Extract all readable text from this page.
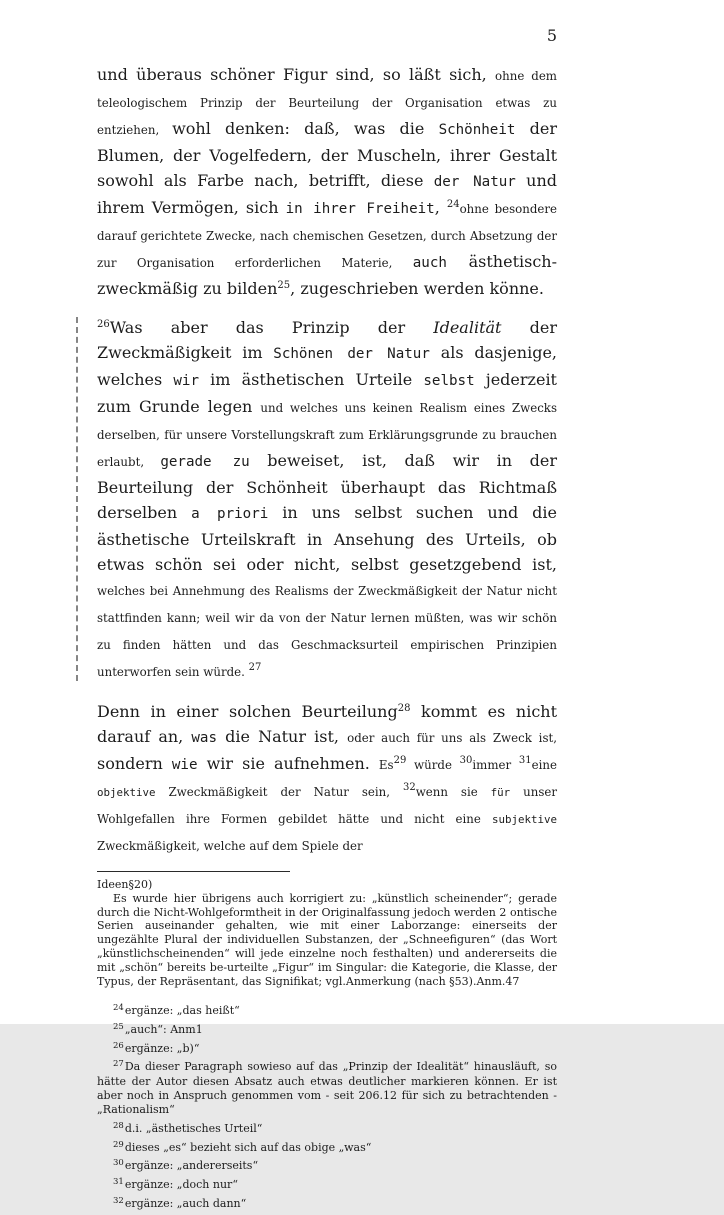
5

und überaus schöner Figur sind, so läßt sich, ohne dem teleologischem Prinzip der Beurteilung der Organisation etwas zu entziehen, wohl denken: daß, was die Schönheit der Blumen, der Vogelfedern, der Muscheln, ihrer Gestalt sowohl als Farbe nach, betrifft, diese der Natur und ihrem Vermögen, sich in ihrer Freiheit, $^{24}$ohne besondere darauf gerichtete Zwecke, nach chemischen Gesetzen, durch Absetzung der zur Organisation erforderlichen Materie, auch ästhetisch-zweckmäßig zu bilden$^{25}$, zugeschrieben werden könne.

$^{26}$Was aber das Prinzip der Idealität der Zweckmäßigkeit im Schönen der Natur als dasjenige, welches wir im ästhetischen Urteile selbst jederzeit zum Grunde legen und welches uns keinen Realism eines Zwecks derselben, für unsere Vorstellungskraft zum Erklärungsgrunde zu brauchen erlaubt, gerade zu beweiset, ist, daß wir in der Beurteilung der Schönheit überhaupt das Richtmaß derselben a priori in uns selbst suchen und die ästhetische Urteilskraft in Ansehung des Urteils, ob etwas schön sei oder nicht, selbst gesetzgebend ist, welches bei Annehmung des Realisms der Zweckmäßigkeit der Natur nicht stattfinden kann; weil wir da von der Natur lernen müßten, was wir schön zu finden hätten und das Geschmacksurteil empirischen Prinzipien unterworfen sein würde. $^{27}$

Denn in einer solchen Beurteilung$^{28}$ kommt es nicht darauf an, was die Natur ist, oder auch für uns als Zweck ist, sondern wie wir sie aufnehmen. Es$^{29}$ würde $^{30}$immer $^{31}$eine objektive Zweckmäßigkeit der Natur sein, $^{32}$wenn sie für unser Wohlgefallen ihre Formen gebildet hätte und nicht eine subjektive Zweckmäßigkeit, welche auf dem Spiele der

Ideen§20)

Es wurde hier übrigens auch korrigiert zu: „künstlich scheinender“; gerade durch die Nicht-Wohlgeformtheit in der Originalfassung jedoch werden 2 ontische Serien auseinander gehalten, wie mit einer Laborzange: einerseits der ungezählte Plural der individuellen Substanzen, der „Schneefiguren“ (das Wort „künstlichscheinenden“ will jede einzelne noch festhalten) und andererseits die mit „schön“ bereits be-urteilte „Figur“ im Singular: die Kategorie, die Klasse, der Typus, der Repräsentant, das Signifikat; vgl.Anmerkung (nach §53).Anm.47

$^{24}$ergänze: „das heißt“
$^{25}$„auch“: Anm1
$^{26}$ergänze: „b)“
$^{27}$Da dieser Paragraph sowieso auf das „Prinzip der Idealität“ hinausläuft, so hätte der Autor diesen Absatz auch etwas deutlicher markieren können. Er ist aber noch in Anspruch genommen vom - seit 206.12 für sich zu betrachtenden - „Rationalism“
$^{28}$d.i. „ästhetisches Urteil“
$^{29}$dieses „es“ bezieht sich auf das obige „was“
$^{30}$ergänze: „andererseits“
$^{31}$ergänze: „doch nur“
$^{32}$ergänze: „auch dann“
